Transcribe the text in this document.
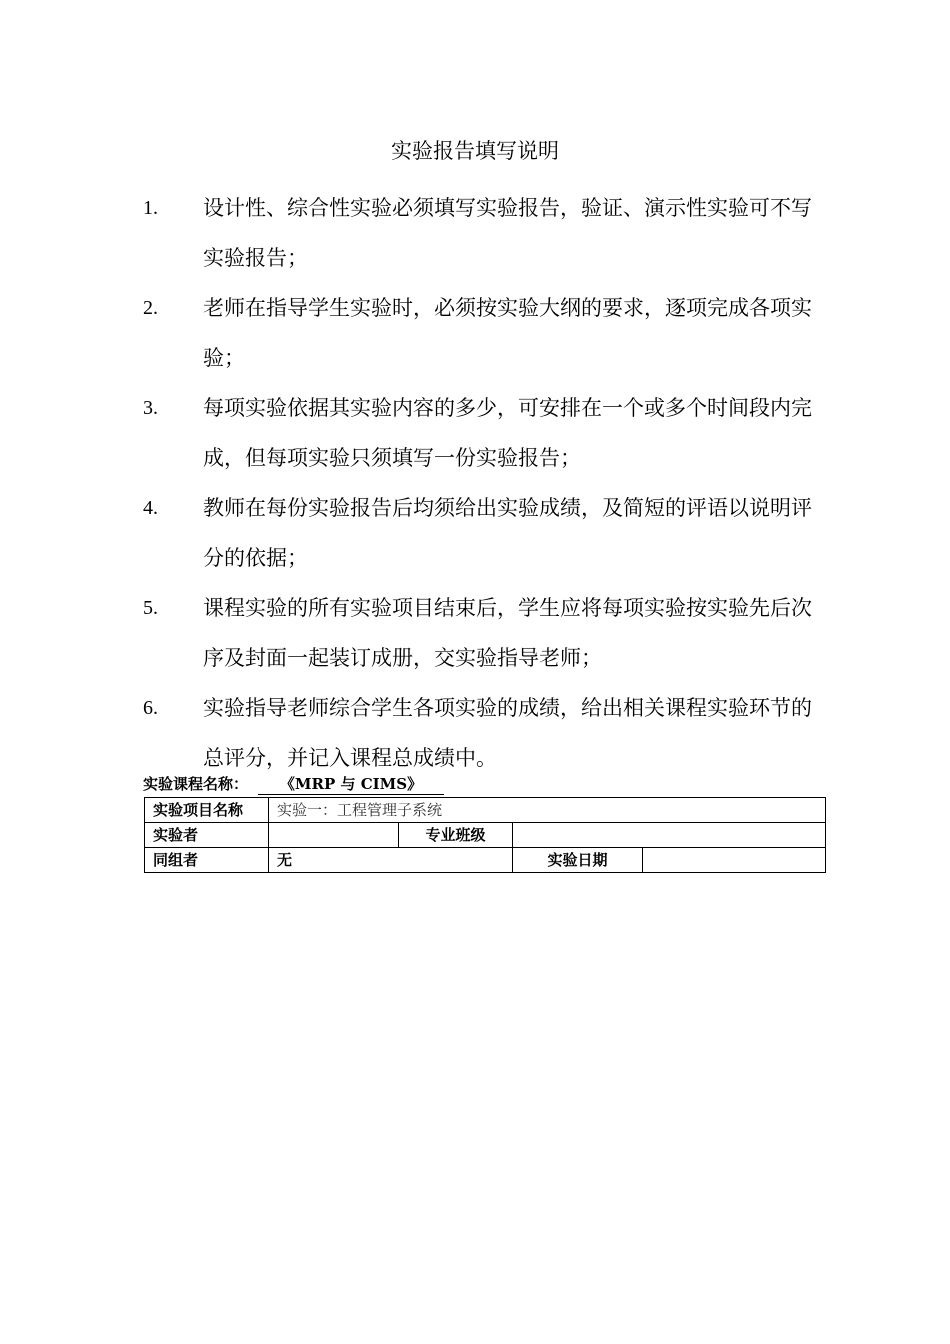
实验报告填写说明
1.	设计性、综合性实验必须填写实验报告，验证、演示性实验可不写实验报告；
2.	老师在指导学生实验时，必须按实验大纲的要求，逐项完成各项实验；
3.	每项实验依据其实验内容的多少，可安排在一个或多个时间段内完成，但每项实验只须填写一份实验报告；
4.	教师在每份实验报告后均须给出实验成绩，及简短的评语以说明评分的依据；
5.	课程实验的所有实验项目结束后，学生应将每项实验按实验先后次序及封面一起装订成册，交实验指导老师；
6.	实验指导老师综合学生各项实验的成绩，给出相关课程实验环节的总评分，并记入课程总成绩中。
实验课程名称： 《MRP 与 CIMS》
实验项目名称	实验一：工程管理子系统			
实验者		专业班级		
同组者	无		实验日期	
